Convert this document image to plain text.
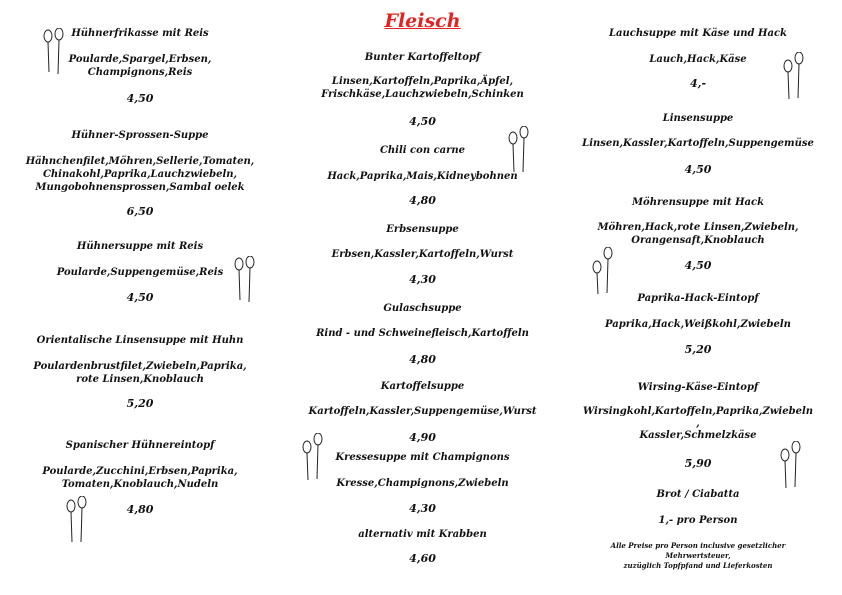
Fleisch
Hühnerfrikasse mit Reis
Poularde,Spargel,Erbsen,
Champignons,Reis
4,50
Hühner-Sprossen-Suppe
Hähnchenfilet,Möhren,Sellerie,Tomaten,
Chinakohl,Paprika,Lauchzwiebeln,
Mungobohnensprossen,Sambal oelek
6,50
Hühnersuppe mit Reis
Poularde,Suppengemüse,Reis
4,50
Orientalische Linsensuppe mit Huhn
Poulardenbrustfilet,Zwiebeln,Paprika,
rote Linsen,Knoblauch
5,20
Spanischer Hühnereintopf
Poularde,Zucchini,Erbsen,Paprika,
Tomaten,Knoblauch,Nudeln
4,80
Bunter Kartoffeltopf
Linsen,Kartoffeln,Paprika,Äpfel,
Frischkäse,Lauchzwiebeln,Schinken
4,50
Chili con carne
Hack,Paprika,Mais,Kidneybohnen
4,80
Erbsensuppe
Erbsen,Kassler,Kartoffeln,Wurst
4,30
Gulaschsuppe
Rind - und Schweinefleisch,Kartoffeln
4,80
Kartoffelsuppe
Kartoffeln,Kassler,Suppengemüse,Wurst
4,90
Kressesuppe mit Champignons
Kresse,Champignons,Zwiebeln
4,30
alternativ mit Krabben
4,60
Lauchsuppe mit Käse und Hack
Lauch,Hack,Käse
4,-
Linsensuppe
Linsen,Kassler,Kartoffeln,Suppengemüse
4,50
Möhrensuppe mit Hack
Möhren,Hack,rote Linsen,Zwiebeln,
Orangensaft,Knoblauch
4,50
Paprika-Hack-Eintopf
Paprika,Hack,Weißkohl,Zwiebeln
5,20
Wirsing-Käse-Eintopf
Wirsingkohl,Kartoffeln,Paprika,Zwiebeln
,
Kassler,Schmelzkäse
5,90
Brot / Ciabatta
1,- pro Person
Alle Preise pro Person inclusive gesetzlicher
Mehrwertsteuer,
zuzüglich Topfpfand und Lieferkosten
